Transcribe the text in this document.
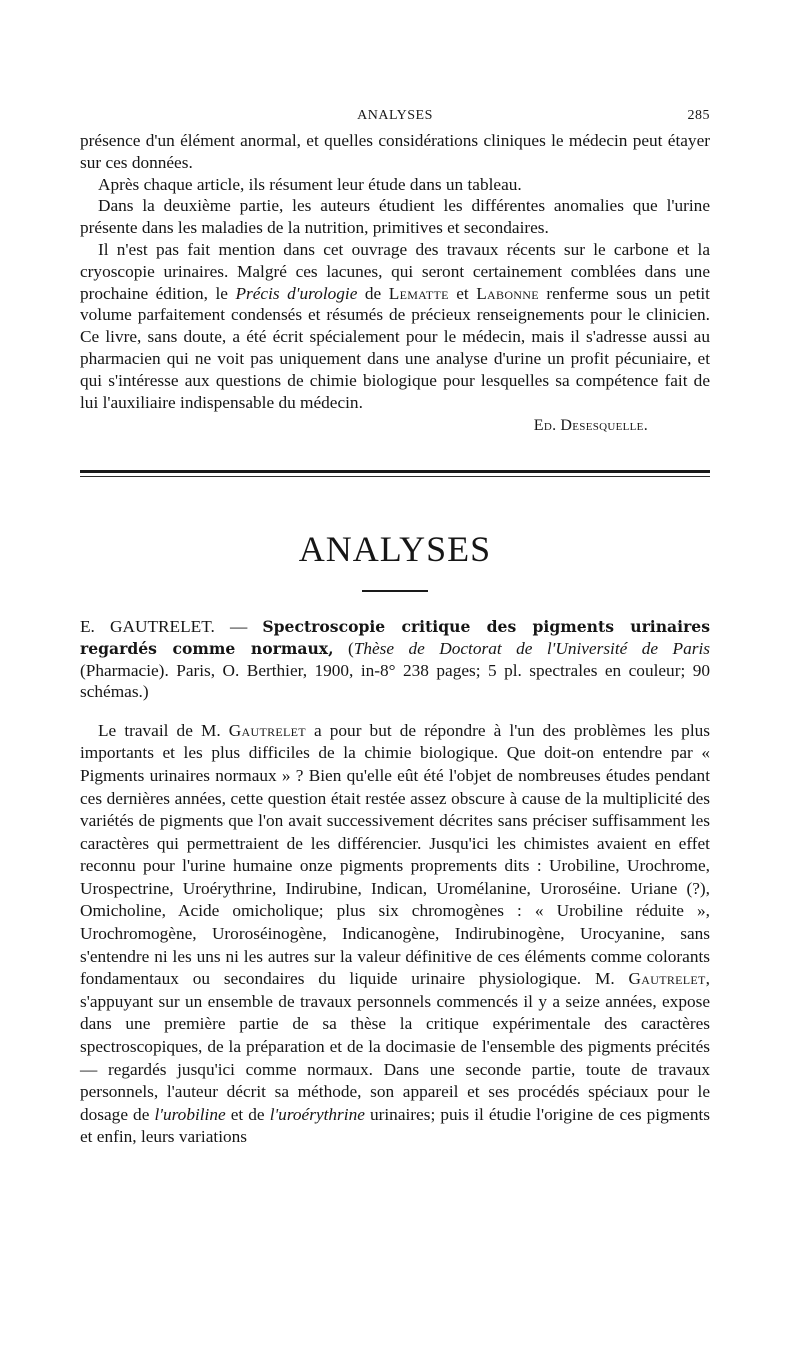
ANALYSES	285

présence d'un élément anormal, et quelles considérations cliniques le médecin peut étayer sur ces données.

Après chaque article, ils résument leur étude dans un tableau.

Dans la deuxième partie, les auteurs étudient les différentes anomalies que l'urine présente dans les maladies de la nutrition, primitives et secondaires.

Il n'est pas fait mention dans cet ouvrage des travaux récents sur le carbone et la cryoscopie urinaires. Malgré ces lacunes, qui seront certainement comblées dans une prochaine édition, le Précis d'urologie de Lematte et Labonne renferme sous un petit volume parfaitement condensés et résumés de précieux renseignements pour le clinicien. Ce livre, sans doute, a été écrit spécialement pour le médecin, mais il s'adresse aussi au pharmacien qui ne voit pas uniquement dans une analyse d'urine un profit pécuniaire, et qui s'intéresse aux questions de chimie biologique pour lesquelles sa compétence fait de lui l'auxiliaire indispensable du médecin.

Ed. Desesquelle.
ANALYSES

E. GAUTRELET. — Spectroscopie critique des pigments urinaires regardés comme normaux, (Thèse de Doctorat de l'Université de Paris (Pharmacie). Paris, O. Berthier, 1900, in-8° 238 pages; 5 pl. spectrales en couleur; 90 schémas.)

Le travail de M. Gautrelet a pour but de répondre à l'un des problèmes les plus importants et les plus difficiles de la chimie biologique. Que doit-on entendre par « Pigments urinaires normaux » ? Bien qu'elle eût été l'objet de nombreuses études pendant ces dernières années, cette question était restée assez obscure à cause de la multiplicité des variétés de pigments que l'on avait successivement décrites sans préciser suffisamment les caractères qui permettraient de les différencier. Jusqu'ici les chimistes avaient en effet reconnu pour l'urine humaine onze pigments proprements dits : Urobiline, Urochrome, Urospectrine, Uroérythrine, Indirubine, Indican, Uromélanine, Uroroséine. Uriane (?), Omicholine, Acide omicholique; plus six chromogènes : « Urobiline réduite », Urochromogène, Uroroséinogène, Indicanogène, Indirubinogène, Urocyanine, sans s'entendre ni les uns ni les autres sur la valeur définitive de ces éléments comme colorants fondamentaux ou secondaires du liquide urinaire physiologique. M. Gautrelet, s'appuyant sur un ensemble de travaux personnels commencés il y a seize années, expose dans une première partie de sa thèse la critique expérimentale des caractères spectroscopiques, de la préparation et de la docimasie de l'ensemble des pigments précités — regardés jusqu'ici comme normaux. Dans une seconde partie, toute de travaux personnels, l'auteur décrit sa méthode, son appareil et ses procédés spéciaux pour le dosage de l'urobiline et de l'uroérythrine urinaires; puis il étudie l'origine de ces pigments et enfin, leurs variations
